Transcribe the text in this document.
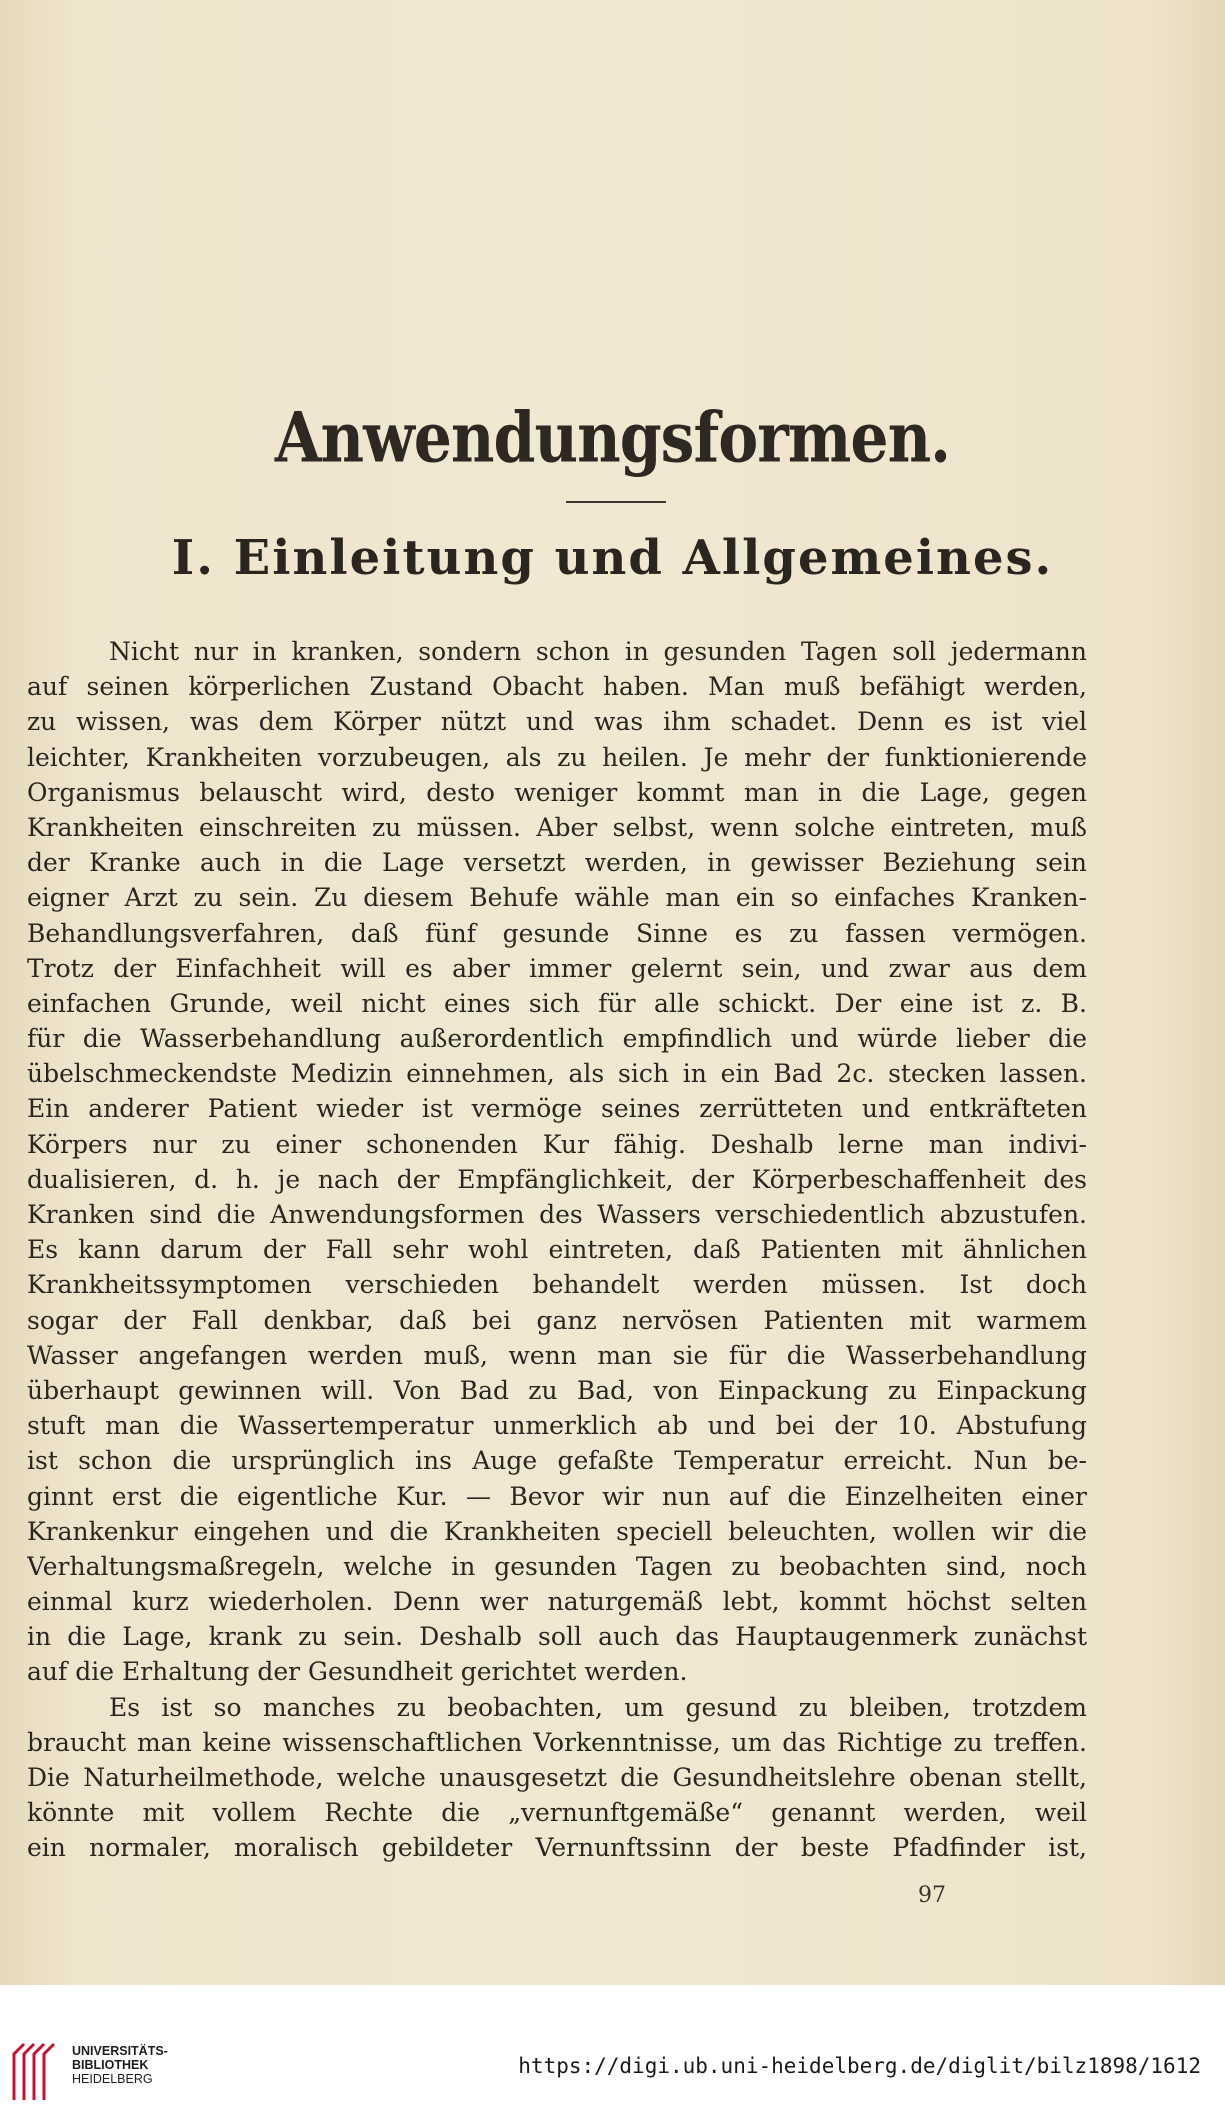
Anwendungsformen.
I. Einleitung und Allgemeines.
Nicht nur in kranken, sondern schon in gesunden Tagen soll jedermann
auf seinen körperlichen Zustand Obacht haben. Man muß befähigt werden,
zu wissen, was dem Körper nützt und was ihm schadet. Denn es ist viel
leichter, Krankheiten vorzubeugen, als zu heilen. Je mehr der funktionierende
Organismus belauscht wird, desto weniger kommt man in die Lage, gegen
Krankheiten einschreiten zu müssen. Aber selbst, wenn solche eintreten, muß
der Kranke auch in die Lage versetzt werden, in gewisser Beziehung sein
eigner Arzt zu sein. Zu diesem Behufe wähle man ein so einfaches Kranken-
Behandlungsverfahren, daß fünf gesunde Sinne es zu fassen vermögen.
Trotz der Einfachheit will es aber immer gelernt sein, und zwar aus dem
einfachen Grunde, weil nicht eines sich für alle schickt. Der eine ist z. B.
für die Wasserbehandlung außerordentlich empfindlich und würde lieber die
übelschmeckendste Medizin einnehmen, als sich in ein Bad 2c. stecken lassen.
Ein anderer Patient wieder ist vermöge seines zerrütteten und entkräfteten
Körpers nur zu einer schonenden Kur fähig. Deshalb lerne man indivi-
dualisieren, d. h. je nach der Empfänglichkeit, der Körperbeschaffenheit des
Kranken sind die Anwendungsformen des Wassers verschiedentlich abzustufen.
Es kann darum der Fall sehr wohl eintreten, daß Patienten mit ähnlichen
Krankheitssymptomen verschieden behandelt werden müssen. Ist doch
sogar der Fall denkbar, daß bei ganz nervösen Patienten mit warmem
Wasser angefangen werden muß, wenn man sie für die Wasserbehandlung
überhaupt gewinnen will. Von Bad zu Bad, von Einpackung zu Einpackung
stuft man die Wassertemperatur unmerklich ab und bei der 10. Abstufung
ist schon die ursprünglich ins Auge gefaßte Temperatur erreicht. Nun be-
ginnt erst die eigentliche Kur. — Bevor wir nun auf die Einzelheiten einer
Krankenkur eingehen und die Krankheiten speciell beleuchten, wollen wir die
Verhaltungsmaßregeln, welche in gesunden Tagen zu beobachten sind, noch
einmal kurz wiederholen. Denn wer naturgemäß lebt, kommt höchst selten
in die Lage, krank zu sein. Deshalb soll auch das Hauptaugenmerk zunächst
auf die Erhaltung der Gesundheit gerichtet werden.
Es ist so manches zu beobachten, um gesund zu bleiben, trotzdem
braucht man keine wissenschaftlichen Vorkenntnisse, um das Richtige zu treffen.
Die Naturheilmethode, welche unausgesetzt die Gesundheitslehre obenan stellt,
könnte mit vollem Rechte die „vernunftgemäße“ genannt werden, weil
ein normaler, moralisch gebildeter Vernunftssinn der beste Pfadfinder ist,
97
UNIVERSITÄTS-
BIBLIOTHEK
HEIDELBERG
https://digi.ub.uni-heidelberg.de/diglit/bilz1898/1612
